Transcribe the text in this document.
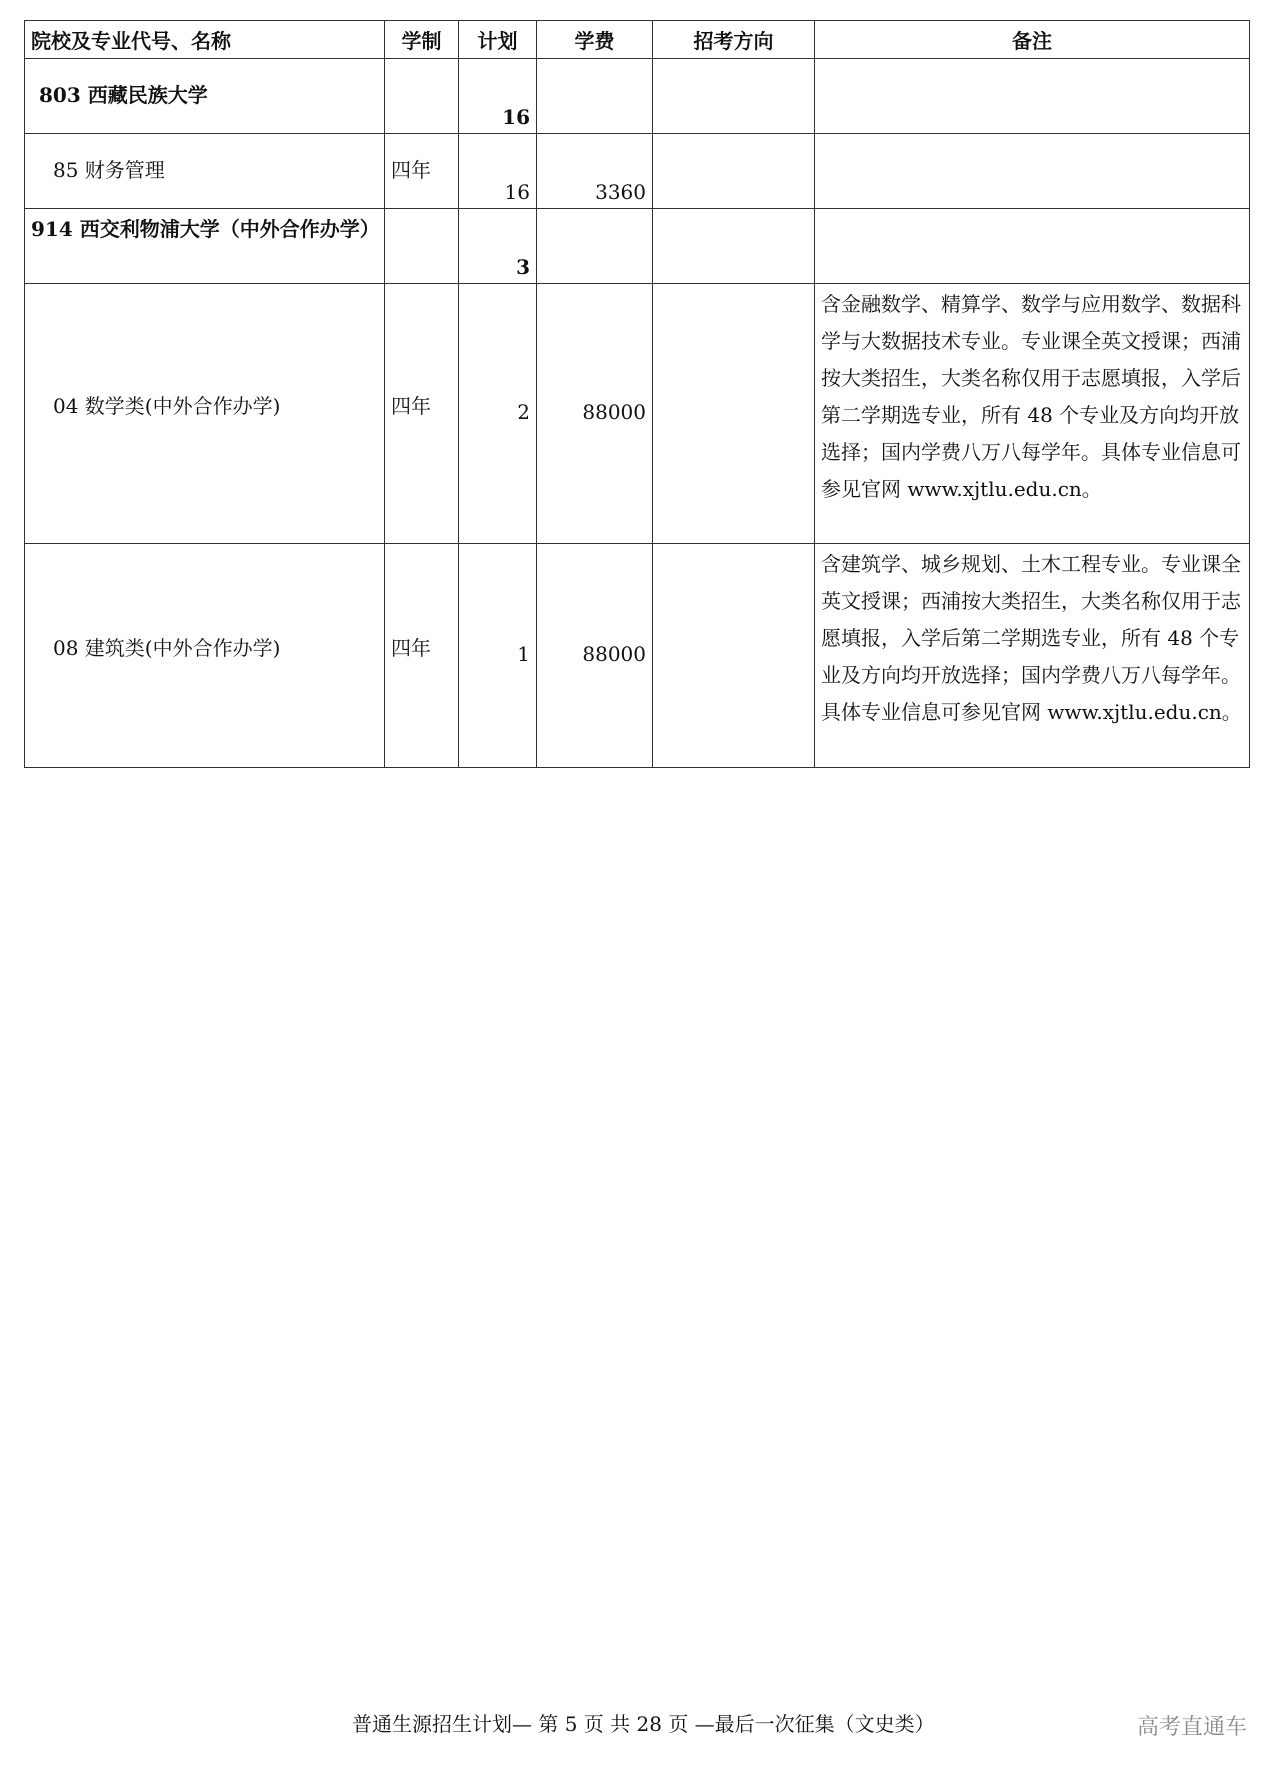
院校及专业代号、名称	学制	计划	学费	招考方向	备注
803 西藏民族大学		16			
85 财务管理	四年	16	3360		
914 西交利物浦大学（中外合作办学）		3			
04 数学类(中外合作办学)	四年	2	88000		含金融数学、精算学、数学与应用数学、数据科学与大数据技术专业。专业课全英文授课；西浦按大类招生，大类名称仅用于志愿填报，入学后第二学期选专业，所有 48 个专业及方向均开放选择；国内学费八万八每学年。具体专业信息可参见官网 www.xjtlu.edu.cn。
08 建筑类(中外合作办学)	四年	1	88000		含建筑学、城乡规划、土木工程专业。专业课全英文授课；西浦按大类招生，大类名称仅用于志愿填报，入学后第二学期选专业，所有 48 个专业及方向均开放选择；国内学费八万八每学年。具体专业信息可参见官网 www.xjtlu.edu.cn。
普通生源招生计划— 第 5 页 共 28 页 —最后一次征集（文史类）	高考直通车
